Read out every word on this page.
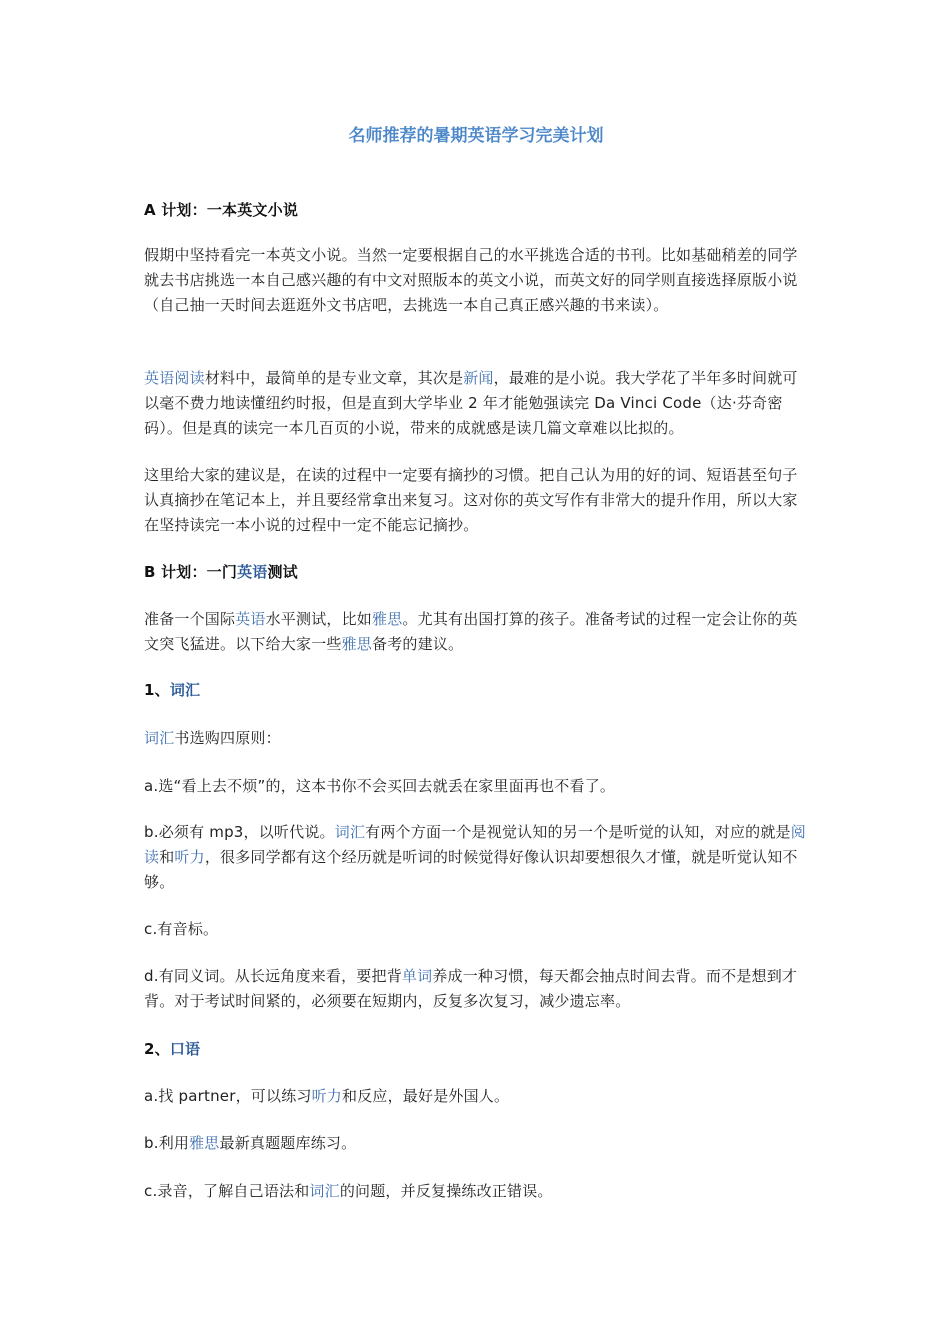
名师推荐的暑期英语学习完美计划
A 计划：一本英文小说
假期中坚持看完一本英文小说。当然一定要根据自己的水平挑选合适的书刊。比如基础稍差的同学就去书店挑选一本自己感兴趣的有中文对照版本的英文小说，而英文好的同学则直接选择原版小说（自己抽一天时间去逛逛外文书店吧，去挑选一本自己真正感兴趣的书来读）。
英语阅读材料中，最简单的是专业文章，其次是新闻，最难的是小说。我大学花了半年多时间就可以毫不费力地读懂纽约时报，但是直到大学毕业 2 年才能勉强读完 Da Vinci Code（达·芬奇密码）。但是真的读完一本几百页的小说，带来的成就感是读几篇文章难以比拟的。
这里给大家的建议是，在读的过程中一定要有摘抄的习惯。把自己认为用的好的词、短语甚至句子认真摘抄在笔记本上，并且要经常拿出来复习。这对你的英文写作有非常大的提升作用，所以大家在坚持读完一本小说的过程中一定不能忘记摘抄。
B 计划：一门英语测试
准备一个国际英语水平测试，比如雅思。尤其有出国打算的孩子。准备考试的过程一定会让你的英文突飞猛进。以下给大家一些雅思备考的建议。
1、词汇
词汇书选购四原则：
a.选“看上去不烦”的，这本书你不会买回去就丢在家里面再也不看了。
b.必须有 mp3，以听代说。词汇有两个方面一个是视觉认知的另一个是听觉的认知，对应的就是阅读和听力，很多同学都有这个经历就是听词的时候觉得好像认识却要想很久才懂，就是听觉认知不够。
c.有音标。
d.有同义词。从长远角度来看，要把背单词养成一种习惯，每天都会抽点时间去背。而不是想到才背。对于考试时间紧的，必须要在短期内，反复多次复习，减少遗忘率。
2、口语
a.找 partner，可以练习听力和反应，最好是外国人。
b.利用雅思最新真题题库练习。
c.录音，了解自己语法和词汇的问题，并反复操练改正错误。
